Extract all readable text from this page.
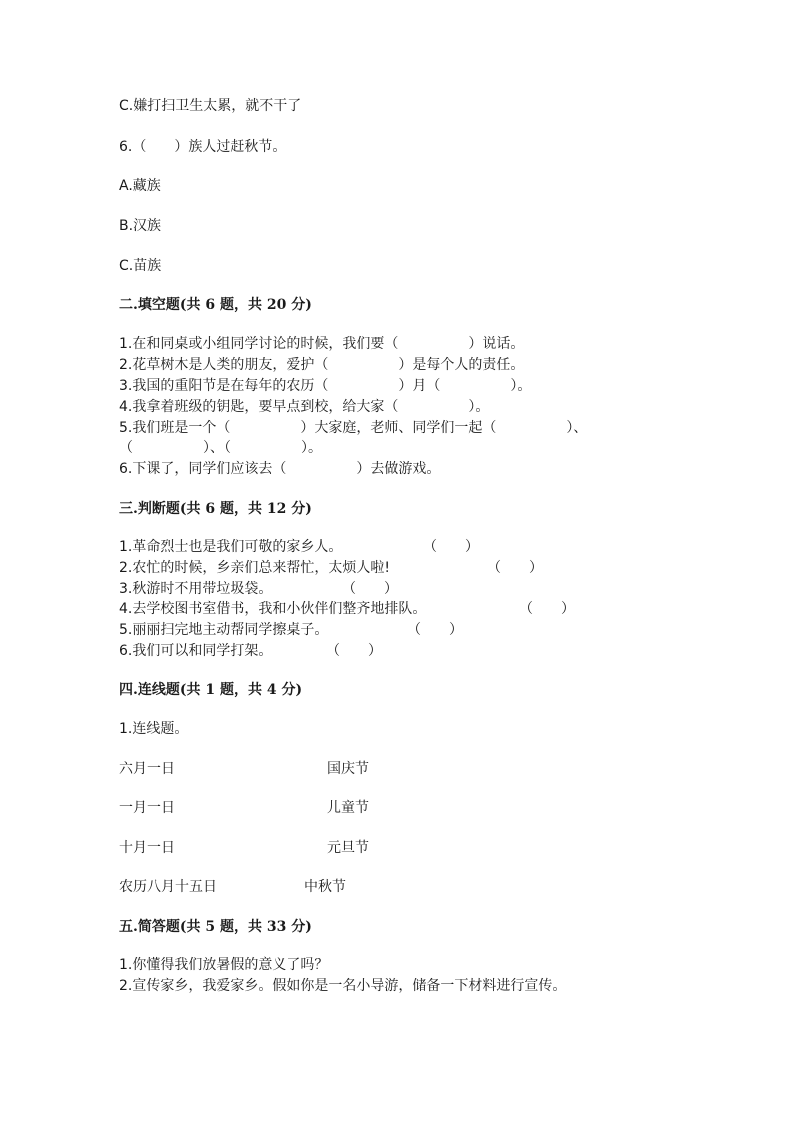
C.嫌打扫卫生太累，就不干了
6.（　　）族人过赶秋节。
A.藏族
B.汉族
C.苗族
二.填空题(共 6 题，共 20 分)
1.在和同桌或小组同学讨论的时候，我们要（　　　　　）说话。
2.花草树木是人类的朋友，爱护（　　　　　）是每个人的责任。
3.我国的重阳节是在每年的农历（　　　　　）月（　　　　　）。
4.我拿着班级的钥匙，要早点到校，给大家（　　　　　）。
5.我们班是一个（　　　　　）大家庭，老师、同学们一起（　　　　　）、
（　　　　　）、（　　　　　）。
6.下课了，同学们应该去（　　　　　）去做游戏。
三.判断题(共 6 题，共 12 分)
1.革命烈士也是我们可敬的家乡人。	（　　）
2.农忙的时候，乡亲们总来帮忙，太烦人啦!	（　　）
3.秋游时不用带垃圾袋。	（　　）
4.去学校图书室借书，我和小伙伴们整齐地排队。	（　　）
5.丽丽扫完地主动帮同学擦桌子。	（　　）
6.我们可以和同学打架。	（　　）
四.连线题(共 1 题，共 4 分)
1.连线题。
六月一日	国庆节
一月一日	儿童节
十月一日	元旦节
农历八月十五日	中秋节
五.简答题(共 5 题，共 33 分)
1.你懂得我们放暑假的意义了吗？
2.宣传家乡，我爱家乡。假如你是一名小导游，储备一下材料进行宣传。
